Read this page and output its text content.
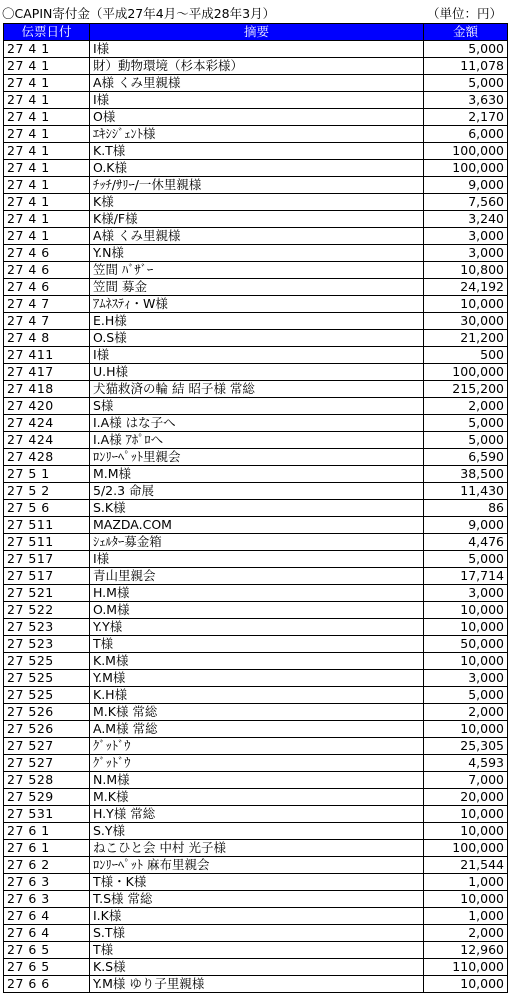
〇CAPIN寄付金（平成27年4月～平成28年3月）	（単位：円）
伝票日付	摘要	金額
27 4 1	I様	5,000
27 4 1	財）動物環境（杉本彩様）	11,078
27 4 1	A様 くみ里親様	5,000
27 4 1	I様	3,630
27 4 1	O様	2,170
27 4 1	ｴｷｼｼﾞｪﾝﾄ様	6,000
27 4 1	K.T様	100,000
27 4 1	O.K様	100,000
27 4 1	ﾁｯﾁ/ｻﾘｰ/一休里親様	9,000
27 4 1	K様	7,560
27 4 1	K様/F様	3,240
27 4 1	A様 くみ里親様	3,000
27 4 6	Y.N様	3,000
27 4 6	笠間 ﾊﾞｻﾞｰ	10,800
27 4 6	笠間 募金	24,192
27 4 7	ｱﾑﾈｽﾃｨ・W様	10,000
27 4 7	E.H様	30,000
27 4 8	O.S様	21,200
27 411	I様	500
27 417	U.H様	100,000
27 418	犬猫救済の輪 結 昭子様 常総	215,200
27 420	S様	2,000
27 424	I.A様 はな子へ	5,000
27 424	I.A様 ｱﾎﾟﾛへ	5,000
27 428	ﾛﾝﾘｰﾍﾟｯﾄ里親会	6,590
27 5 1	M.M様	38,500
27 5 2	5/2.3 命展	11,430
27 5 6	S.K様	86
27 511	MAZDA.COM	9,000
27 511	ｼｪﾙﾀｰ募金箱	4,476
27 517	I様	5,000
27 517	青山里親会	17,714
27 521	H.M様	3,000
27 522	O.M様	10,000
27 523	Y.Y様	10,000
27 523	T様	50,000
27 525	K.M様	10,000
27 525	Y.M様	3,000
27 525	K.H様	5,000
27 526	M.K様 常総	2,000
27 526	A.M様 常総	10,000
27 527	ｸﾞｯﾄﾞｳ	25,305
27 527	ｸﾞｯﾄﾞｳ	4,593
27 528	N.M様	7,000
27 529	M.K様	20,000
27 531	H.Y様 常総	10,000
27 6 1	S.Y様	10,000
27 6 1	ねこひと会 中村 光子様	100,000
27 6 2	ﾛﾝﾘｰﾍﾟｯﾄ 麻布里親会	21,544
27 6 3	T様・K様	1,000
27 6 3	T.S様 常総	10,000
27 6 4	I.K様	1,000
27 6 4	S.T様	2,000
27 6 5	T様	12,960
27 6 5	K.S様	110,000
27 6 6	Y.M様 ゆり子里親様	10,000
